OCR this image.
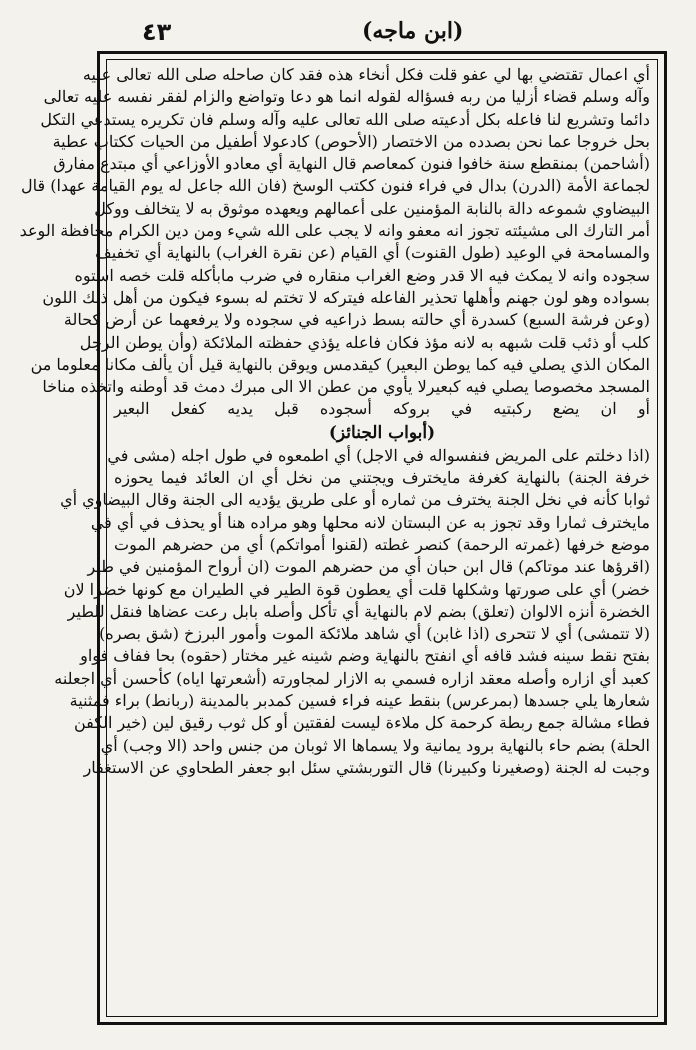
٤٣	(ابن ماجه)
أي اعمال تقتضي بها لي عفو قلت فكل أنخاء هذه فقد كان صاحله صلى الله تعالى عليه
وآله وسلم قضاء أزليا من ربه فسؤاله لقوله انما هو دعا وتواضع والزام لفقر نفسه عليه تعالى
دائما وتشريع لنا فاعله بكل أدعيته صلى الله تعالى عليه وآله وسلم فان تكريره يستدعي التكل
بحل خروجا عما نحن بصدده من الاختصار (الأحوص) كادعولا أطفيل من الحيات ككتاب عطية
(أشاحمن) بمنقطع سنة خافوا فنون كمعاصم قال النهاية أي معادو الأوزاعي أي مبتدع مفارق
لجماعة الأمة (الدرن) بدال في فراء فنون ككتب الوسخ (فان الله جاعل له يوم القيامة عهدا) قال
البيضاوي شموعه دالة بالنابة المؤمنين على أعمالهم ويعهده موثوق به لا يتخالف ووكل
أمر التارك الى مشيئته تجوز انه معفو وانه لا يجب على الله شيء ومن دين الكرام محافظة الوعد
والمسامحة في الوعيد (طول القنوت) أي القيام (عن نقرة الغراب) بالنهاية أي تخفيف
سجوده وانه لا يمكث فيه الا قدر وضع الغراب منقاره في ضرب مابأكله قلت خصه استوه
بسواده وهو لون جهنم وأهلها تحذير الفاعله فيتركه لا تختم له بسوء فيكون من أهل ذلك اللون
(وعن فرشة السبع) كسدرة أي حالته بسط ذراعيه في سجوده ولا يرفعهما عن أرض كحالة
كلب أو ذئب قلت شبهه به لانه مؤذ فكان فاعله يؤذي حفظته الملائكة (وأن يوطن الرجل
المكان الذي يصلي فيه كما يوطن البعير) كيقدمس ويوقن بالنهاية قيل أن يألف مكانا معلوما من
المسجد مخصوصا يصلي فيه كبعيرلا يأوي من عطن الا الى مبرك دمث قد أوطنه واتخذه مناخا
أو ان يضع ركبتيه في بروكه أسجوده قبل يديه كفعل البعير
(أبواب الجنائز)
(اذا دخلتم على المريض فنفسواله في الاجل) أي اطمعوه في طول اجله (مشى في
خرفة الجنة) بالنهاية كغرفة مايخترف ويجتني من نخل أي ان العائد فيما يحوزه
ثوابا كأنه في نخل الجنة يخترف من ثماره أو على طريق يؤديه الى الجنة وقال البيضاوي أي
مايخترف ثمارا وقد تجوز به عن البستان لانه محلها وهو مراده هنا أو يحذف في أي في
موضع خرفها (غمرته الرحمة) كنصر غطته (لقنوا أمواتكم) أي من حضرهم الموت
(اقرؤها عند موتاكم) قال ابن حبان أي من حضرهم الموت (ان أرواح المؤمنين في طير
خضر) أي على صورتها وشكلها قلت أي يعطون قوة الطير في الطيران مع كونها خضرا لان
الخضرة أنزه الالوان (تعلق) بضم لام بالنهاية أي تأكل وأصله بابل رعت عضاها فنقل للطير
(لا تتمشى) أي لا تتحرى (اذا غابن) أي شاهد ملائكة الموت وأمور البرزخ (شق بصره)
بفتح نقط سينه فشد قافه أي انفتح بالنهاية وضم شينه غير مختار (حقوه) بحا ففاف فواو
كعبد أي ازاره وأصله معقد ازاره فسمي به الازار لمجاورته (أشعرتها اياه) كأحسن أي اجعلنه
شعارها يلي جسدها (بمرعرس) بنقط عينه فراء فسين كمدبر بالمدينة (ربانط) براء فمثنية
فطاء مشالة جمع ربطة كرحمة كل ملاءة ليست لفقتين أو كل ثوب رقيق لين (خير الكفن
الحلة) بضم حاء بالنهاية برود يمانية ولا يسماها الا ثوبان من جنس واحد (الا وجب) أي
وجبت له الجنة (وصغيرنا وكبيرنا) قال التوربشتي سئل ابو جعفر الطحاوي عن الاستغفار
